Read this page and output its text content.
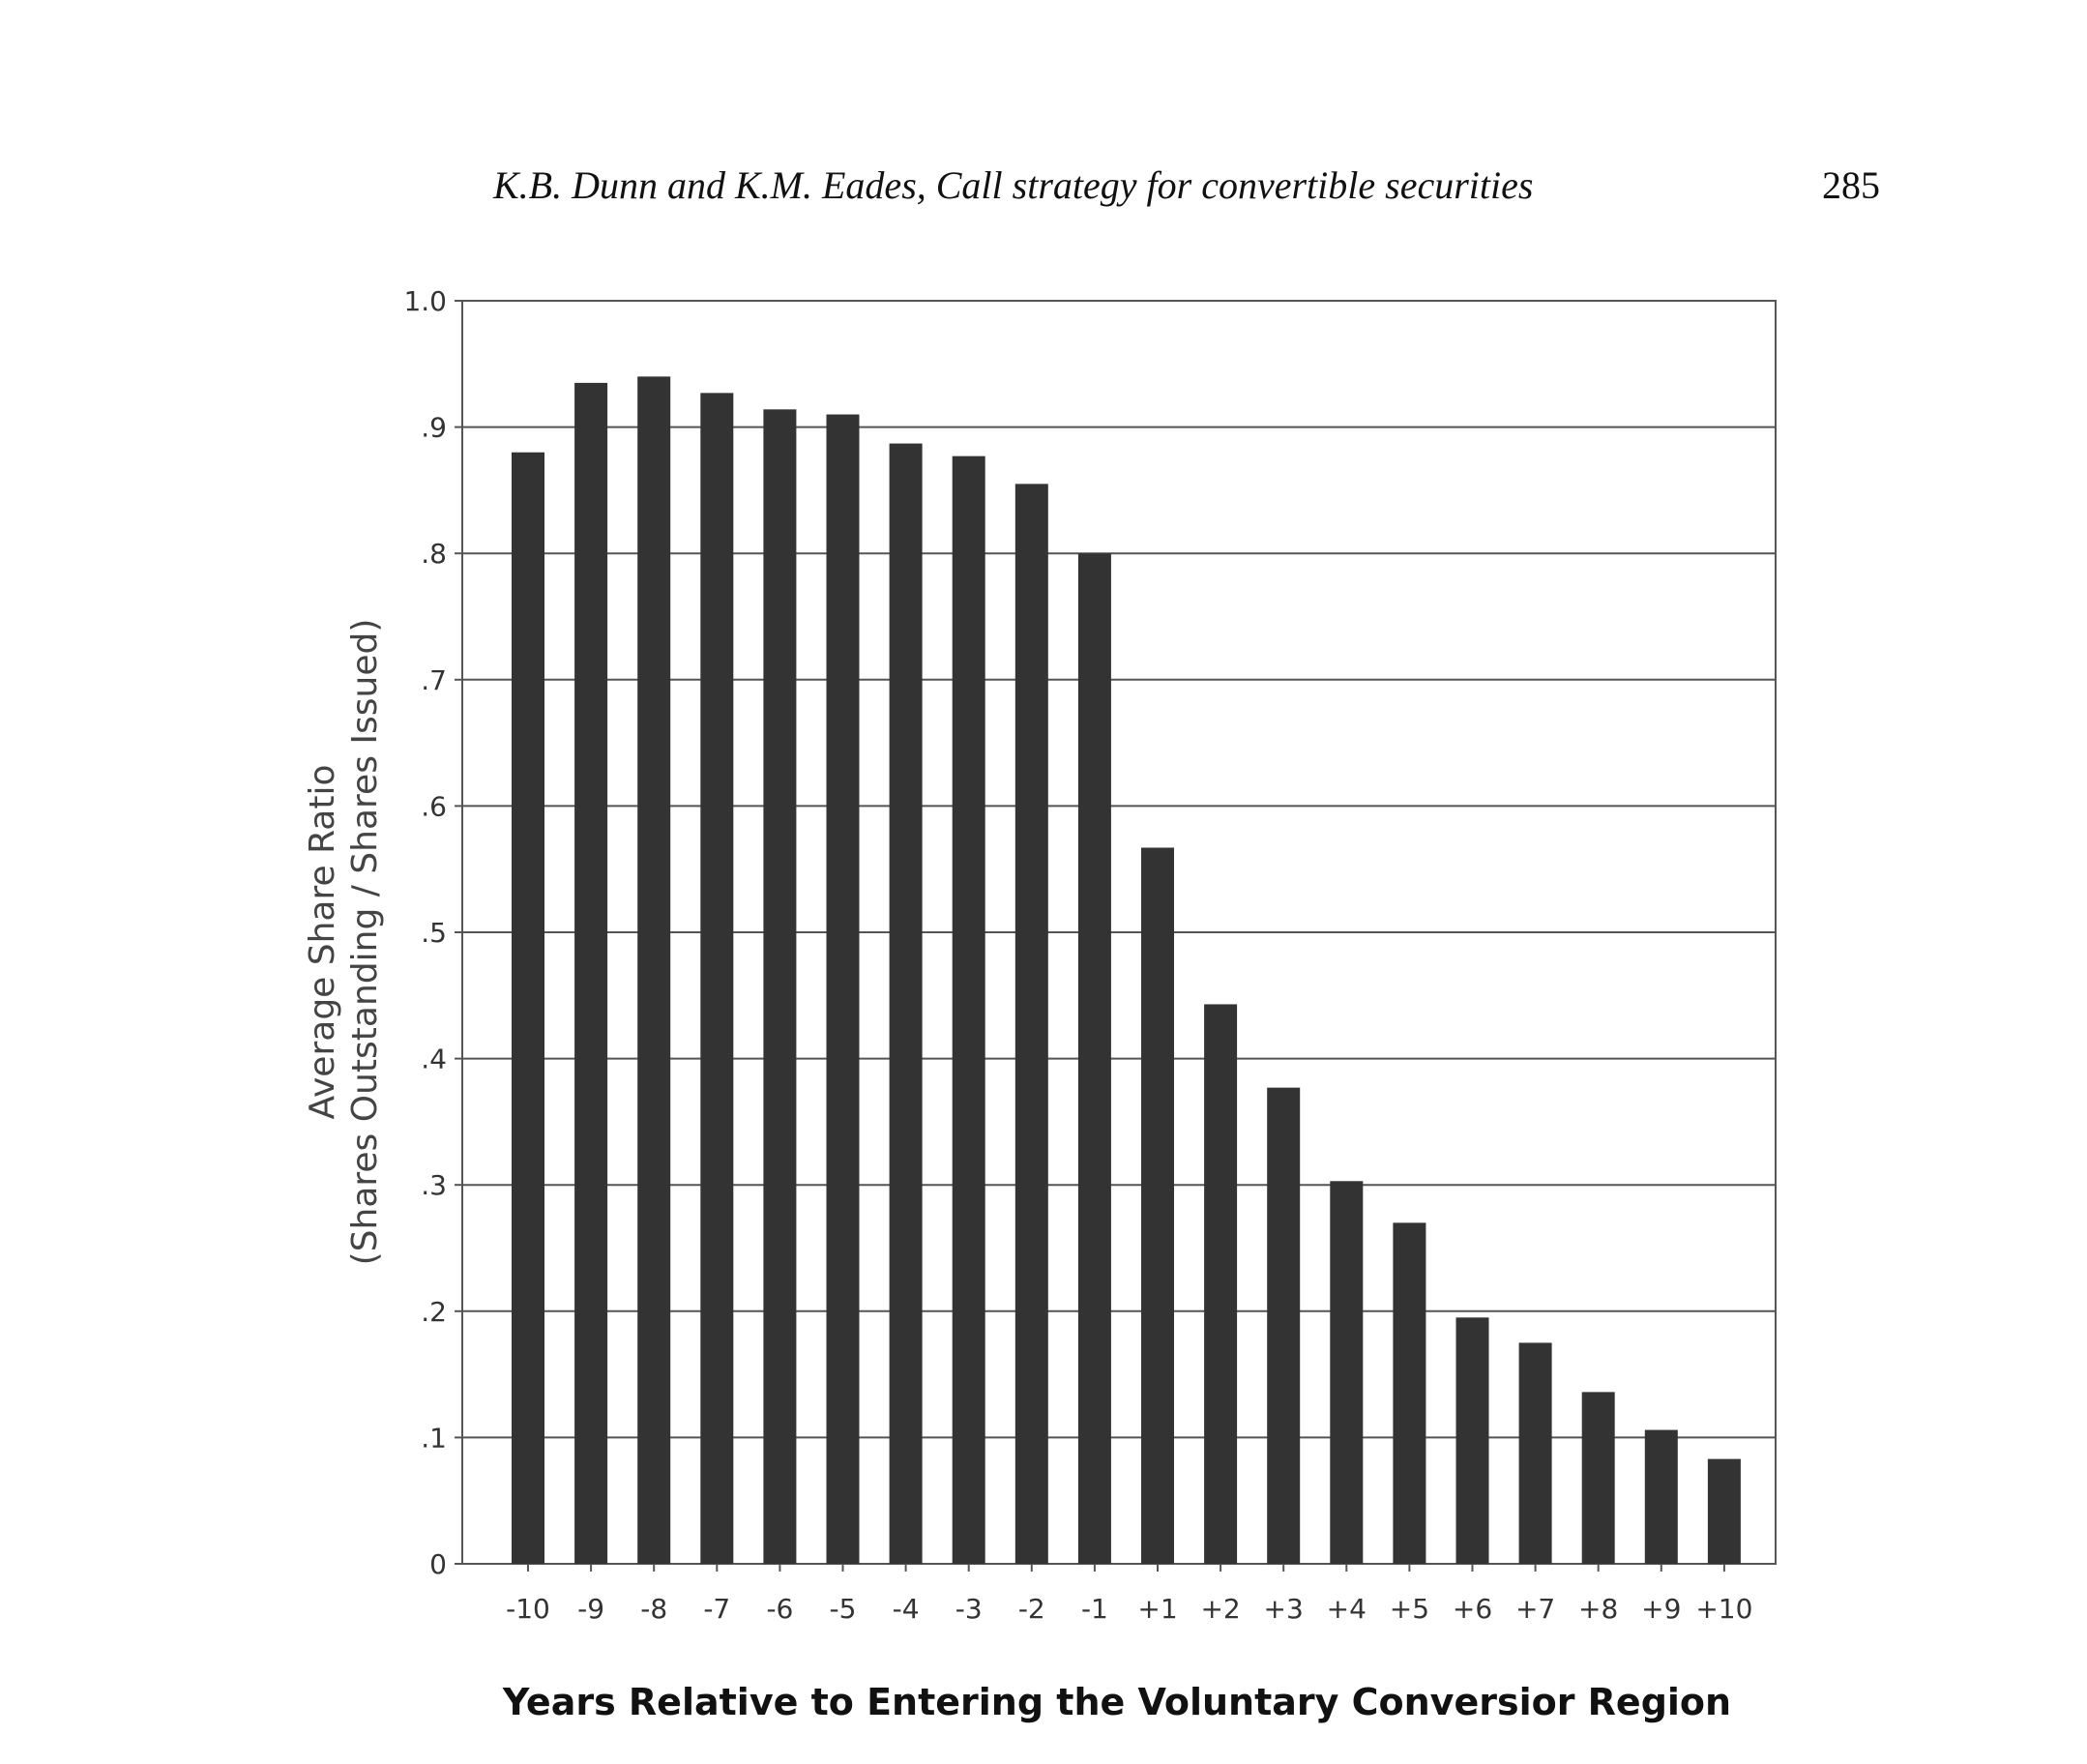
K.B. Dunn and K.M. Eades, Call strategy for convertible securities	285
0
.1
.2
.3
.4
.5
.6
.7
.8
.9
1.0
-10 -9 -8 -7 -6 -5 -4 -3 -2 -1 +1 +2 +3 +4 +5 +6 +7 +8 +9 +10
Average Share Ratio (Shares Outstanding / Shares Issued)
Years Relative to Entering the Voluntary Conversior Region
